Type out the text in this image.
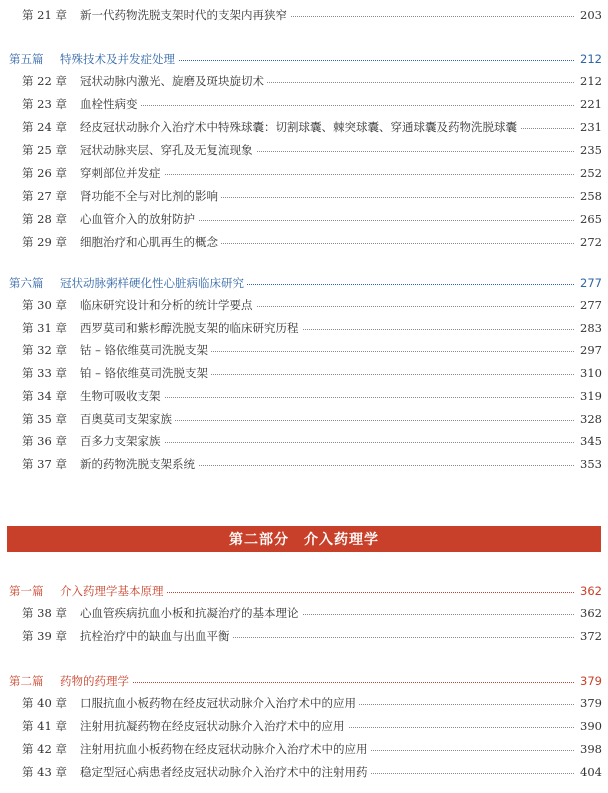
第 21 章	新一代药物洗脱支架时代的支架内再狭窄	203
第五篇 特殊技术及并发症处理	212
第 22 章	冠状动脉内激光、旋磨及斑块旋切术	212
第 23 章	血栓性病变	221
第 24 章	经皮冠状动脉介入治疗术中特殊球囊：切割球囊、棘突球囊、穿通球囊及药物洗脱球囊	231
第 25 章	冠状动脉夹层、穿孔及无复流现象	235
第 26 章	穿刺部位并发症	252
第 27 章	肾功能不全与对比剂的影响	258
第 28 章	心血管介入的放射防护	265
第 29 章	细胞治疗和心肌再生的概念	272
第六篇 冠状动脉粥样硬化性心脏病临床研究	277
第 30 章	临床研究设计和分析的统计学要点	277
第 31 章	西罗莫司和紫杉醇洗脱支架的临床研究历程	283
第 32 章	钴 – 铬依维莫司洗脱支架	297
第 33 章	铂 – 铬依维莫司洗脱支架	310
第 34 章	生物可吸收支架	319
第 35 章	百奥莫司支架家族	328
第 36 章	百多力支架家族	345
第 37 章	新的药物洗脱支架系统	353
第二部分　介入药理学
第一篇 介入药理学基本原理	362
第 38 章	心血管疾病抗血小板和抗凝治疗的基本理论	362
第 39 章	抗栓治疗中的缺血与出血平衡	372
第二篇 药物的药理学	379
第 40 章	口服抗血小板药物在经皮冠状动脉介入治疗术中的应用	379
第 41 章	注射用抗凝药物在经皮冠状动脉介入治疗术中的应用	390
第 42 章	注射用抗血小板药物在经皮冠状动脉介入治疗术中的应用	398
第 43 章	稳定型冠心病患者经皮冠状动脉介入治疗术中的注射用药	404
